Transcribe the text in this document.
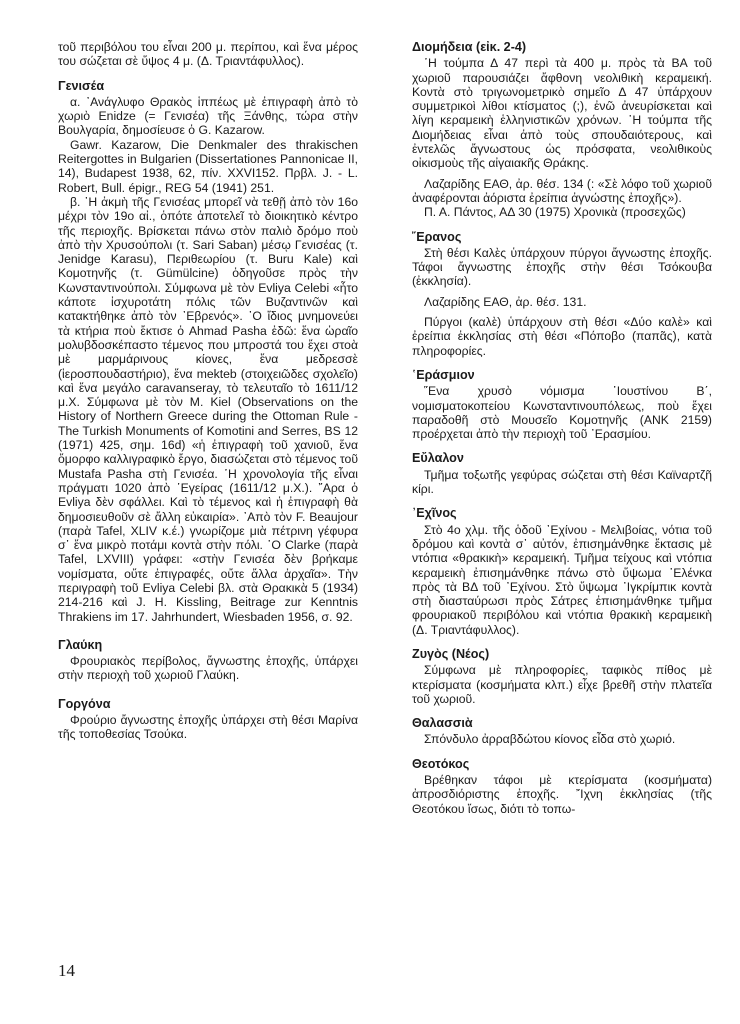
τοῦ περιβόλου του εἶναι 200 μ. περίπου, καὶ ἕνα μέρος του σώζεται σὲ ὕψος 4 μ. (Δ. Τριαντάφυλλος).

Γενισέα

α. ᾿Ανάγλυφο Θρακὸς ἱππέως μὲ ἐπιγραφὴ ἀπὸ τὸ χωριὸ Enidze (= Γενισέα) τῆς Ξάνθης, τώρα στὴν Βουλγαρία, δημοσίευσε ὁ G. Kazarow.

Gawr. Kazarow, Die Denkmaler des thrakischen Reitergottes in Bulgarien (Dissertationes Pannonicae II, 14), Budapest 1938, 62, πίν. XXVI152. Πρβλ. J. - L. Robert, Bull. épigr., REG 54 (1941) 251.

β. ῾Η ἀκμὴ τῆς Γενισέας μπορεῖ νὰ τεθῇ ἀπὸ τὸν 16ο μέχρι τὸν 19ο αἰ., ὁπότε ἀποτελεῖ τὸ διοικητικὸ κέντρο τῆς περιοχῆς. Βρίσκεται πάνω στὸν παλιὸ δρόμο ποὺ ἀπὸ τὴν Χρυσούπολι (τ. Sari Saban) μέσῳ Γενισέας (τ. Jenidge Karasu), Περιθεωρίου (τ. Buru Kale) καὶ Κομοτηνῆς (τ. Gümülcine) ὁδηγοῦσε πρὸς τὴν Κωνσταντινούπολι. Σύμφωνα μὲ τὸν Evliya Celebi «ἦτο κάποτε ἰσχυροτάτη πόλις τῶν Βυζαντινῶν καὶ κατακτήθηκε ἀπὸ τὸν ᾿Εβρενός». ῾Ο ἴδιος μνημονεύει τὰ κτήρια ποὺ ἔκτισε ὁ Ahmad Pasha ἐδῶ: ἕνα ὡραῖο μολυβδοσκέπαστο τέμενος που μπροστά του ἔχει στοὰ μὲ μαρμάρινους κίονες, ἕνα μεδρεσσὲ (ἱεροσπουδαστήριο), ἕνα mekteb (στοιχειῶδες σχολεῖο) καὶ ἕνα μεγάλο caravanseray, τὸ τελευταῖο τὸ 1611/12 μ.Χ. Σύμφωνα μὲ τὸν M. Kiel (Observations on the History of Northern Greece during the Ottoman Rule - The Turkish Monuments of Komotini and Serres, BS 12 (1971) 425, σημ. 16d) «ἡ ἐπιγραφὴ τοῦ χανιοῦ, ἕνα ὄμορφο καλλιγραφικὸ ἔργο, διασώζεται στὸ τέμενος τοῦ Mustafa Pasha στὴ Γενισέα. ῾Η χρονολογία τῆς εἶναι πράγματι 1020 ἀπὸ ῾Εγείρας (1611/12 μ.Χ.). ῎Αρα ὁ Evliya δὲν σφάλλει. Καὶ τὸ τέμενος καὶ ἡ ἐπιγραφὴ θὰ δημοσιευθοῦν σὲ ἄλλη εὐκαιρία». ᾿Απὸ τὸν F. Beaujour (παρὰ Tafel, XLIV κ.έ.) γνωρίζομε μιὰ πέτρινη γέφυρα σ᾿ ἕνα μικρὸ ποτάμι κοντὰ στὴν πόλι. ῾Ο Clarke (παρὰ Tafel, LXVIII) γράφει: «στὴν Γενισέα δὲν βρήκαμε νομίσματα, οὔτε ἐπιγραφές, οὔτε ἄλλα ἀρχαῖα». Τὴν περιγραφὴ τοῦ Evliya Celebi βλ. στὰ Θρακικὰ 5 (1934) 214-216 καὶ J. H. Kissling, Beitrage zur Kenntnis Thrakiens im 17. Jahrhundert, Wiesbaden 1956, σ. 92.

Γλαύκη

Φρουριακὸς περίβολος, ἄγνωστης ἐποχῆς, ὑπάρχει στὴν περιοχὴ τοῦ χωριοῦ Γλαύκη.

Γοργόνα

Φρούριο ἄγνωστης ἐποχῆς ὑπάρχει στὴ θέσι Μαρίνα τῆς τοποθεσίας Τσούκα.

Διομήδεια (εἰκ. 2-4)

῾Η τούμπα Δ 47 περὶ τὰ 400 μ. πρὸς τὰ ΒΑ τοῦ χωριοῦ παρουσιάζει ἄφθονη νεολιθικὴ κεραμεική. Κοντὰ στὸ τριγωνομετρικὸ σημεῖο Δ 47 ὑπάρχουν συμμετρικοὶ λίθοι κτίσματος (;), ἐνῶ ἀνευρίσκεται καὶ λίγη κεραμεικὴ ἑλληνιστικῶν χρόνων. ῾Η τούμπα τῆς Διομήδειας εἶναι ἀπὸ τοὺς σπουδαιότερους, καὶ ἐντελῶς ἄγνωστους ὡς πρόσφατα, νεολιθικοὺς οἰκισμοὺς τῆς αἰγαιακῆς Θράκης.

Λαζαρίδης ΕΑΘ, ἀρ. θέσ. 134 (: «Σὲ λόφο τοῦ χωριοῦ ἀναφέρονται ἀόριστα ἐρείπια ἀγνώστης ἐποχῆς»).

Π. Α. Πάντος, ΑΔ 30 (1975) Χρονικὰ (προσεχῶς)

῎Ερανος

Στὴ θέσι Καλὲς ὑπάρχουν πύργοι ἄγνωστης ἐποχῆς. Τάφοι ἄγνωστης ἐποχῆς στὴν θέσι Τσόκουβα (ἐκκλησία).

Λαζαρίδης ΕΑΘ, ἀρ. θέσ. 131.

Πύργοι (καλὲ) ὑπάρχουν στὴ θέσι «Δύο καλὲ» καὶ ἐρείπια ἐκκλησίας στὴ θέσι «Πόποβο (παπᾶς), κατὰ πληροφορίες.

῾Εράσμιον

῞Ενα χρυσὸ νόμισμα ᾿Ιουστίνου Β΄, νομισματοκοπείου Κωνσταντινουπόλεως, ποὺ ἔχει παραδοθῆ στὸ Μουσεῖο Κομοτηνῆς (ΑΝΚ 2159) προέρχεται ἀπὸ τὴν περιοχὴ τοῦ ᾿Ερασμίου.

Εὔλαλον

Τμῆμα τοξωτῆς γεφύρας σώζεται στὴ θέσι Καϊναρτζῆ κίρι.

᾿Εχῖνος

Στὸ 4ο χλμ. τῆς ὁδοῦ ᾿Εχίνου - Μελιβοίας, νότια τοῦ δρόμου καὶ κοντὰ σ᾿ αὐτόν, ἐπισημάνθηκε ἔκτασις μὲ ντόπια «θρακικὴ» κεραμεική. Τμῆμα τείχους καὶ ντόπια κεραμεικὴ ἐπισημάνθηκε πάνω στὸ ὕψωμα ῾Ελένκα πρὸς τὰ ΒΔ τοῦ ᾿Εχίνου. Στὸ ὕψωμα ᾿Ιγκρίμπικ κοντὰ στὴ διασταύρωσι πρὸς Σάτρες ἐπισημάνθηκε τμῆμα φρουριακοῦ περιβόλου καὶ ντόπια θρακικὴ κεραμεικὴ (Δ. Τριαντάφυλλος).

Ζυγὸς (Νέος)

Σύμφωνα μὲ πληροφορίες, ταφικὸς πίθος μὲ κτερίσματα (κοσμήματα κλπ.) εἶχε βρεθῆ στὴν πλατεῖα τοῦ χωριοῦ.

Θαλασσιὰ

Σπόνδυλο ἀρραβδώτου κίονος εἶδα στὸ χωριό.

Θεοτόκος

Βρέθηκαν τάφοι μὲ κτερίσματα (κοσμήματα) ἀπροσδιόριστης ἐποχῆς. ῎Ιχνη ἐκκλησίας (τῆς Θεοτόκου ἴσως, διότι τὸ τοπω-

14
